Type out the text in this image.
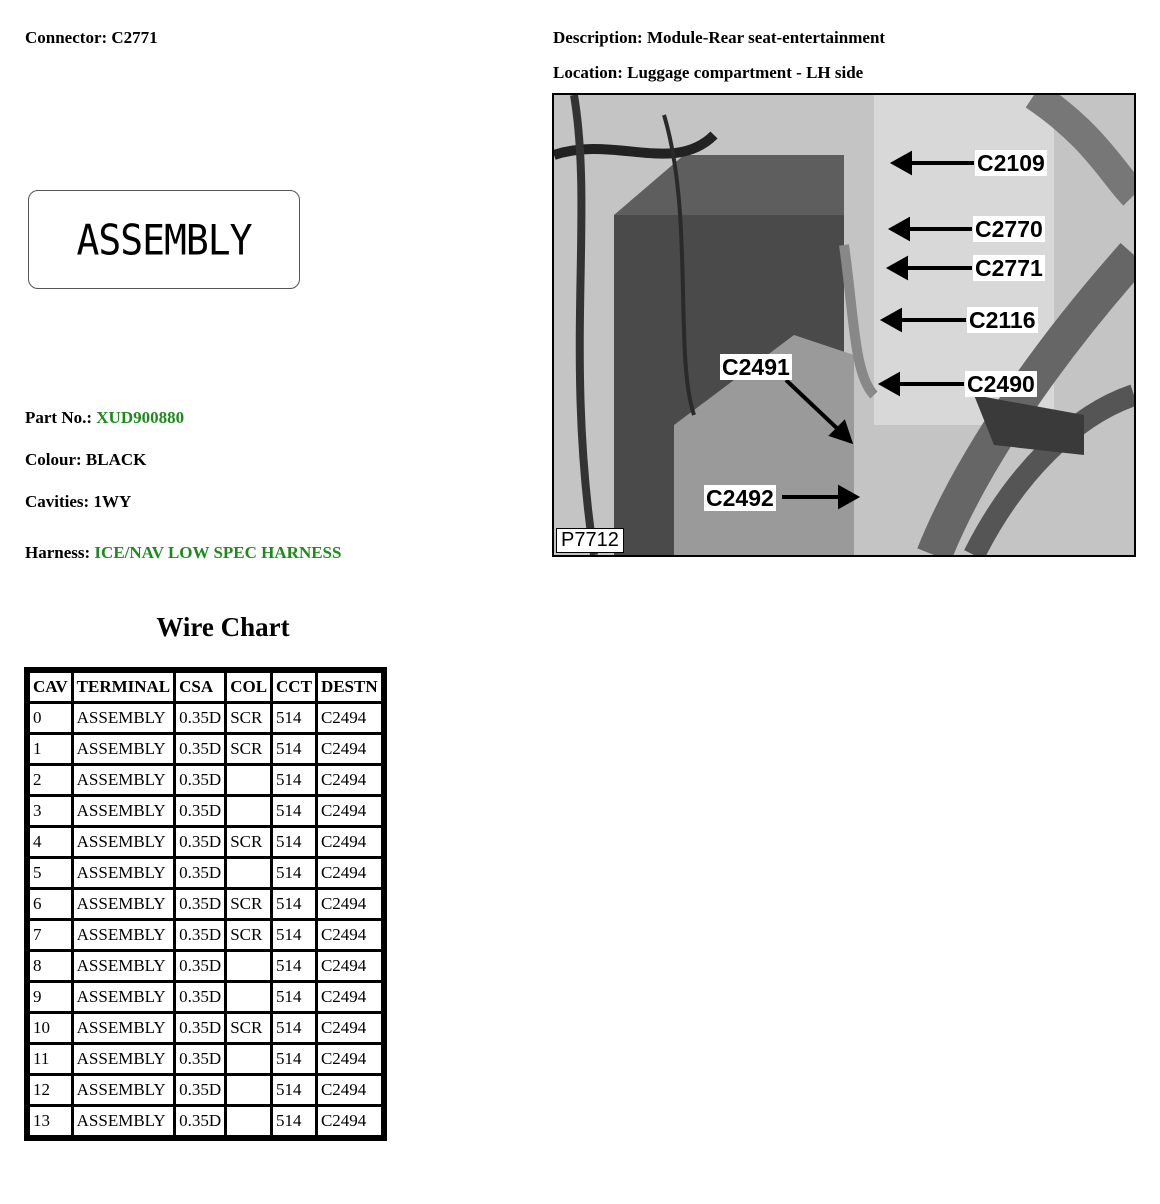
Connector: C2771	Description: Module-Rear seat-entertainment
Location: Luggage compartment - LH side
ASSEMBLY
Part No.: XUD900880
Colour: BLACK
Cavities: 1WY
Harness: ICE/NAV LOW SPEC HARNESS
Wire Chart
CAV	TERMINAL	CSA	COL	CCT	DESTN
0	ASSEMBLY	0.35D	SCR	514	C2494
1	ASSEMBLY	0.35D	SCR	514	C2494
2	ASSEMBLY	0.35D		514	C2494
3	ASSEMBLY	0.35D		514	C2494
4	ASSEMBLY	0.35D	SCR	514	C2494
5	ASSEMBLY	0.35D		514	C2494
6	ASSEMBLY	0.35D	SCR	514	C2494
7	ASSEMBLY	0.35D	SCR	514	C2494
8	ASSEMBLY	0.35D		514	C2494
9	ASSEMBLY	0.35D		514	C2494
10	ASSEMBLY	0.35D	SCR	514	C2494
11	ASSEMBLY	0.35D		514	C2494
12	ASSEMBLY	0.35D		514	C2494
13	ASSEMBLY	0.35D		514	C2494
C2109
C2770
C2771
C2116
C2490
C2491
C2492
P7712
